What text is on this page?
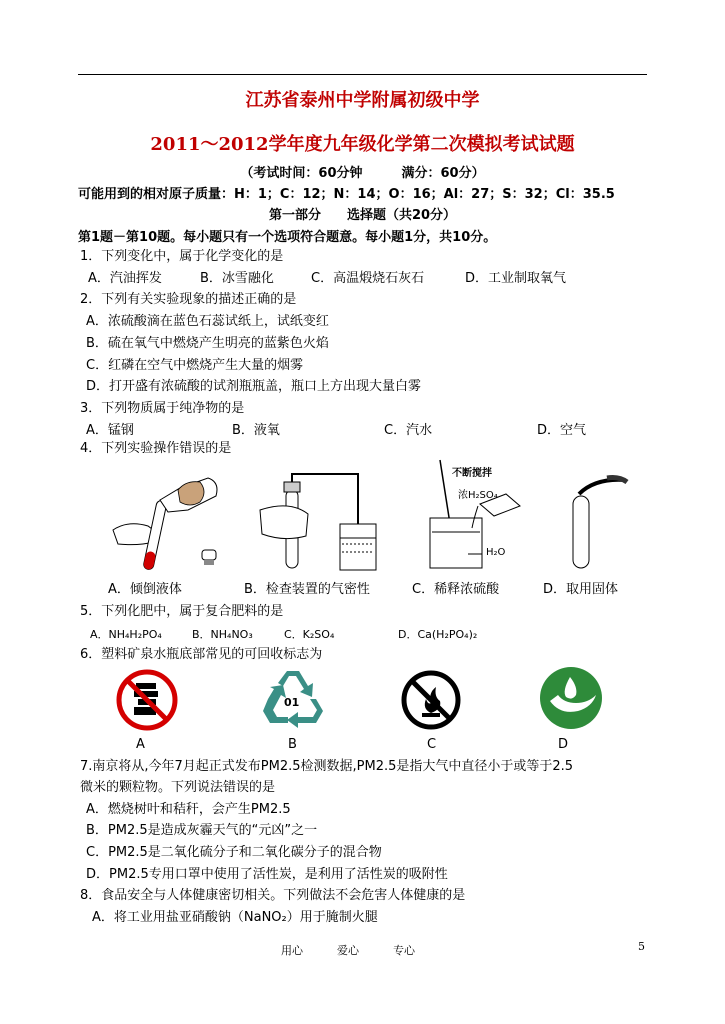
江苏省泰州中学附属初级中学
2011～2012学年度九年级化学第二次模拟考试试题
（考试时间：60分钟　　　满分：60分）
可能用到的相对原子质量：H：1；C：12；N：14；O：16；Al：27；S：32；Cl：35.5
第一部分　　选择题（共20分）
第1题－第10题。每小题只有一个选项符合题意。每小题1分，共10分。
1．下列变化中，属于化学变化的是
A．汽油挥发	B．冰雪融化	C．高温煅烧石灰石	D．工业制取氧气
2．下列有关实验现象的描述正确的是
A．浓硫酸滴在蓝色石蕊试纸上，试纸变红
B．硫在氧气中燃烧产生明亮的蓝紫色火焰
C．红磷在空气中燃烧产生大量的烟雾
D．打开盛有浓硫酸的试剂瓶瓶盖，瓶口上方出现大量白雾
3．下列物质属于纯净物的是
A．锰钢	B．液氧	C．汽水	D．空气
4．下列实验操作错误的是
A．倾倒液体	B．检查装置的气密性
不断搅拌
浓H₂SO₄
H₂O
C．稀释浓硫酸	D．取用固体
5．下列化肥中，属于复合肥料的是
A．NH₄H₂PO₄	B．NH₄NO₃	C．K₂SO₄	D．Ca(H₂PO₄)₂
6．塑料矿泉水瓶底部常见的可回收标志为
A
01
B	C	D
7.南京将从,今年7月起正式发布PM2.5检测数据,PM2.5是指大气中直径小于或等于2.5
微米的颗粒物。下列说法错误的是
A．燃烧树叶和秸秆，会产生PM2.5
B．PM2.5是造成灰霾天气的“元凶”之一
C．PM2.5是二氧化硫分子和二氧化碳分子的混合物
D．PM2.5专用口罩中使用了活性炭，是利用了活性炭的吸附性
8．食品安全与人体健康密切相关。下列做法不会危害人体健康的是
A．将工业用盐亚硝酸钠（NaNO₂）用于腌制火腿
用心	爱心	专心	5
